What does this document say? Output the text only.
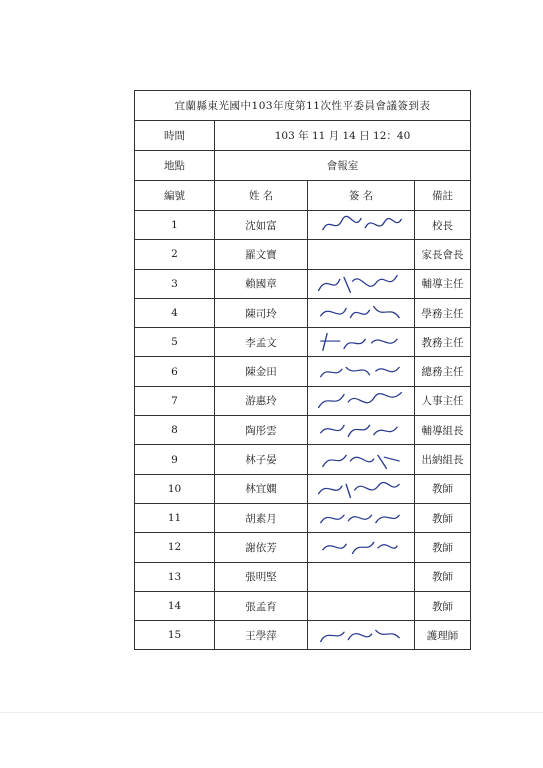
宜蘭縣東光國中103年度第11次性平委員會議簽到表			
時間	103 年 11 月 14 日 12：40		
地點	會報室		
編號	姓 名	簽 名	備註
1	沈如富		校長
2	羅文寶		家長會長
3	賴國章		輔導主任
4	陳司玲		學務主任
5	李孟文		教務主任
6	陳金田		總務主任
7	游惠玲		人事主任
8	陶彤雲		輔導組長
9	林子晏		出納組長
10	林宜嫻		教師
11	胡素月		教師
12	謝依芳		教師
13	張明堅		教師
14	張孟育		教師
15	王學萍		護理師
